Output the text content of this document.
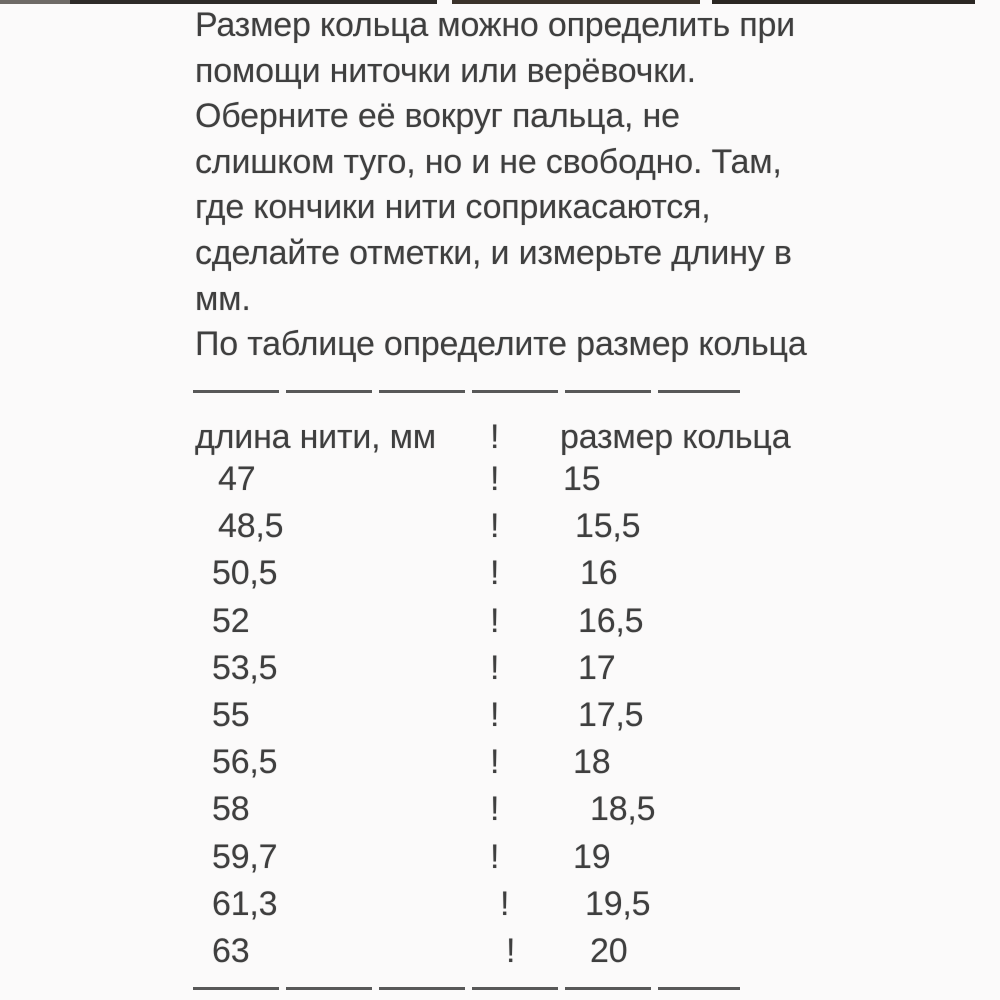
Размер кольца можно определить при
помощи ниточки или верёвочки.
Оберните её вокруг пальца, не
слишком туго, но и не свободно. Там,
где кончики нити соприкасаются,
сделайте отметки, и измерьте длину в
мм.
По таблице определите размер кольца
длина нити, мм	!	размер кольца
47	!	15
48,5	!	15,5
50,5	!	16
52	!	16,5
53,5	!	17
55	!	17,5
56,5	!	18
58	!	18,5
59,7	!	19
61,3	!	19,5
63	!	20
